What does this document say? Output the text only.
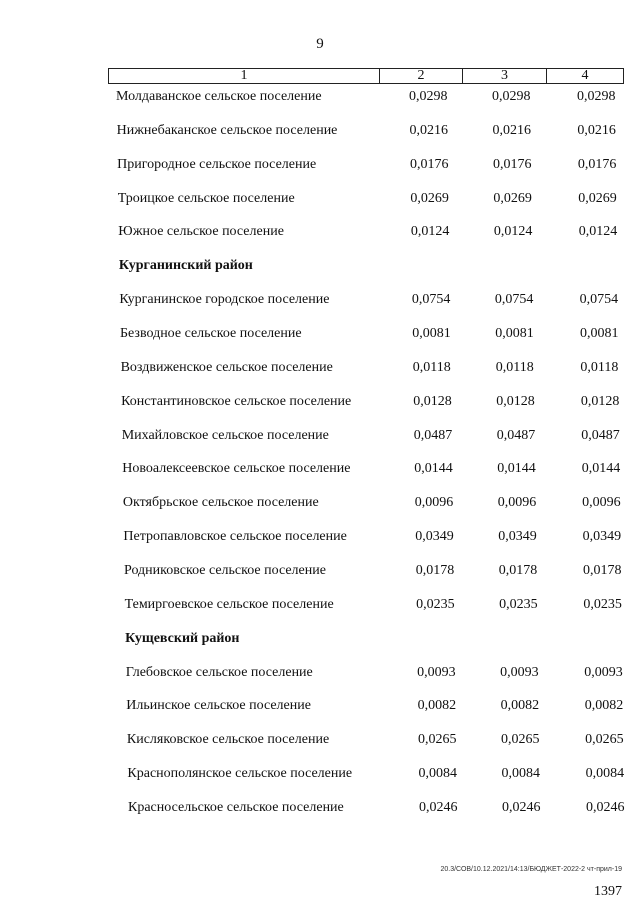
9
1	2	3	4
Молдаванское сельское поселение	0,0298	0,0298	0,0298
Нижнебаканское сельское поселение	0,0216	0,0216	0,0216
Пригородное сельское поселение	0,0176	0,0176	0,0176
Троицкое сельское поселение	0,0269	0,0269	0,0269
Южное сельское поселение	0,0124	0,0124	0,0124
Курганинский район
Курганинское городское поселение	0,0754	0,0754	0,0754
Безводное сельское поселение	0,0081	0,0081	0,0081
Воздвиженское сельское поселение	0,0118	0,0118	0,0118
Константиновское сельское поселение	0,0128	0,0128	0,0128
Михайловское сельское поселение	0,0487	0,0487	0,0487
Новоалексеевское сельское поселение	0,0144	0,0144	0,0144
Октябрьское сельское поселение	0,0096	0,0096	0,0096
Петропавловское сельское поселение	0,0349	0,0349	0,0349
Родниковское сельское поселение	0,0178	0,0178	0,0178
Темиргоевское сельское поселение	0,0235	0,0235	0,0235
Кущевский район
Глебовское сельское поселение	0,0093	0,0093	0,0093
Ильинское сельское поселение	0,0082	0,0082	0,0082
Кисляковское сельское поселение	0,0265	0,0265	0,0265
Краснополянское сельское поселение	0,0084	0,0084	0,0084
Красносельское сельское поселение	0,0246	0,0246	0,0246
20.3/СОВ/10.12.2021/14:13/БЮДЖЕТ-2022-2 чт-прил-19
1397
